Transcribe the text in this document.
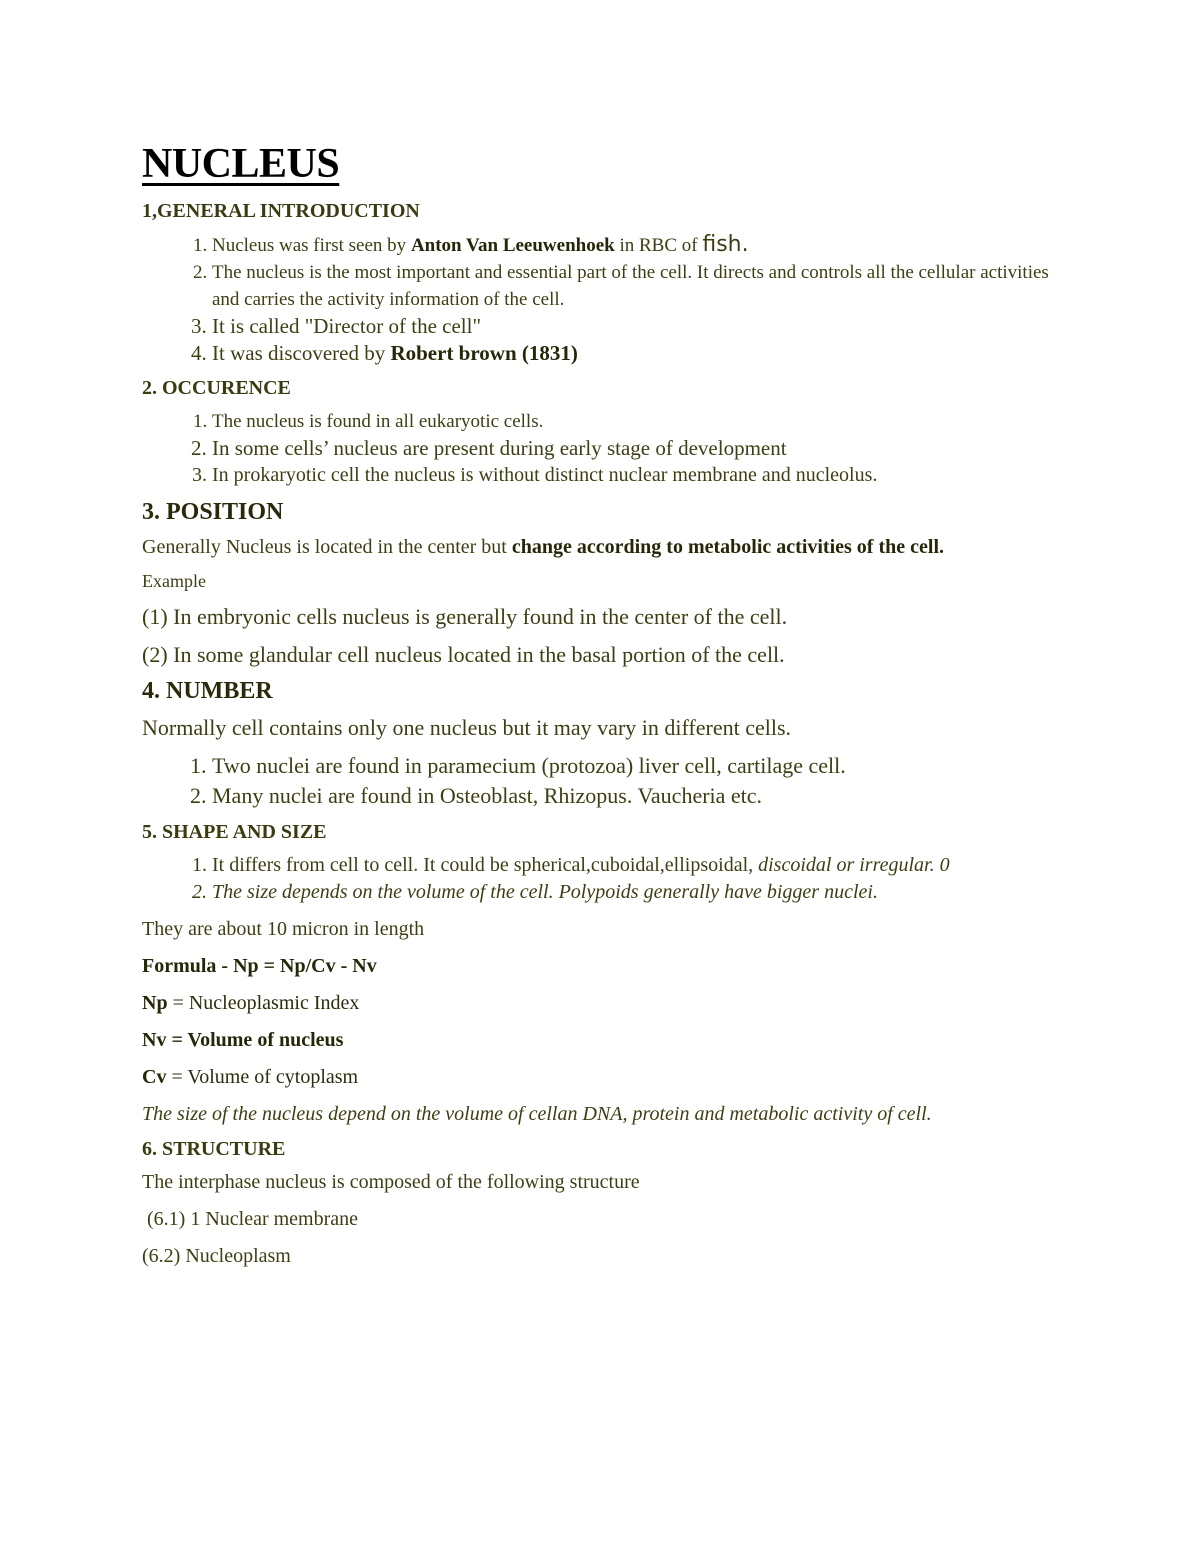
NUCLEUS
1,GENERAL INTRODUCTION
1. Nucleus was first seen by Anton Van Leeuwenhoek in RBC of fish.
2. The nucleus is the most important and essential part of the cell. It directs and controls all the cellular activities and carries the activity information of the cell.
3. It is called "Director of the cell"
4. It was discovered by Robert brown (1831)
2. OCCURENCE
1. The nucleus is found in all eukaryotic cells.
2. In some cells’ nucleus are present during early stage of development
3. In prokaryotic cell the nucleus is without distinct nuclear membrane and nucleolus.
3. POSITION

Generally Nucleus is located in the center but change according to metabolic activities of the cell.

Example

(1) In embryonic cells nucleus is generally found in the center of the cell.

(2) In some glandular cell nucleus located in the basal portion of the cell.

4. NUMBER

Normally cell contains only one nucleus but it may vary in different cells.

1. Two nuclei are found in paramecium (protozoa) liver cell, cartilage cell.
2. Many nuclei are found in Osteoblast, Rhizopus. Vaucheria etc.
5. SHAPE AND SIZE
1. It differs from cell to cell. It could be spherical,cuboidal,ellipsoidal, discoidal or irregular. 0
2. The size depends on the volume of the cell. Polypoids generally have bigger nuclei.

They are about 10 micron in length

Formula - Np = Np/Cv - Nv

Np = Nucleoplasmic Index

Nv = Volume of nucleus

Cv = Volume of cytoplasm

The size of the nucleus depend on the volume of cellan DNA, protein and metabolic activity of cell.

6. STRUCTURE

The interphase nucleus is composed of the following structure

(6.1) 1 Nuclear membrane

(6.2) Nucleoplasm
